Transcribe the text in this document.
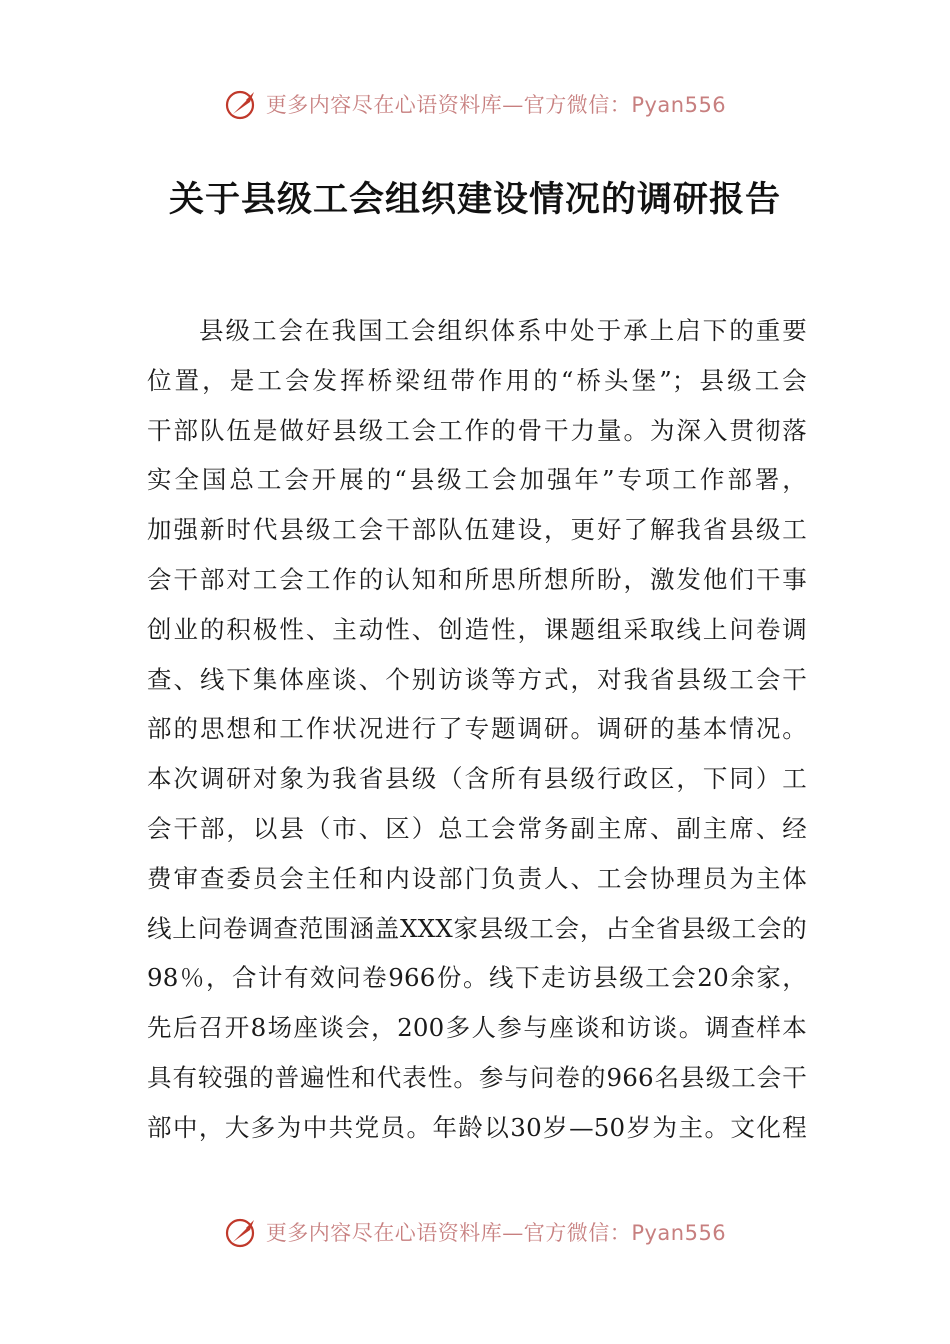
更多内容尽在心语资料库—官方微信：Pyan556
关于县级工会组织建设情况的调研报告
县级工会在我国工会组织体系中处于承上启下的重要
位置，是工会发挥桥梁纽带作用的“桥头堡”；县级工会
干部队伍是做好县级工会工作的骨干力量。为深入贯彻落
实全国总工会开展的“县级工会加强年”专项工作部署，
加强新时代县级工会干部队伍建设，更好了解我省县级工
会干部对工会工作的认知和所思所想所盼，激发他们干事
创业的积极性、主动性、创造性，课题组采取线上问卷调
查、线下集体座谈、个别访谈等方式，对我省县级工会干
部的思想和工作状况进行了专题调研。调研的基本情况。
本次调研对象为我省县级（含所有县级行政区，下同）工
会干部，以县（市、区）总工会常务副主席、副主席、经
费审查委员会主任和内设部门负责人、工会协理员为主体
线上问卷调查范围涵盖XXX家县级工会，占全省县级工会的
98％，合计有效问卷966份。线下走访县级工会20余家，
先后召开8场座谈会，200多人参与座谈和访谈。调查样本
具有较强的普遍性和代表性。参与问卷的966名县级工会干
部中，大多为中共党员。年龄以30岁—50岁为主。文化程
更多内容尽在心语资料库—官方微信：Pyan556
